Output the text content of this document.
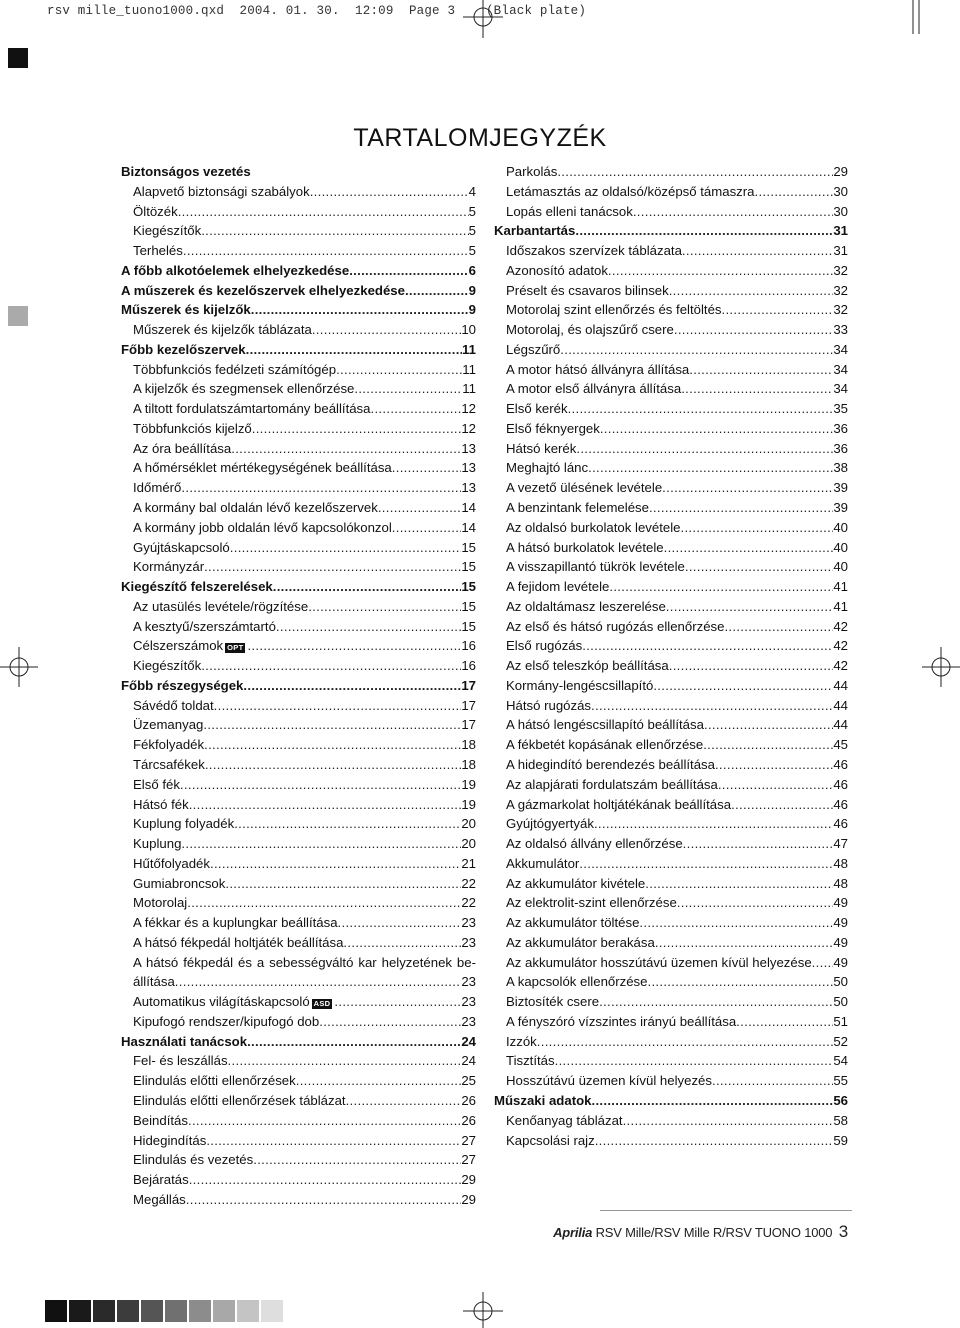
rsv mille_tuono1000.qxd  2004. 01. 30.  12:09  Page 3    (Black plate)
TARTALOMJEGYZÉK
Biztonságos vezetés
Alapvető biztonsági szabályok .....	4
Öltözék .....	5
Kiegészítők .....	5
Terhelés .....	5
A főbb alkotóelemek elhelyezkedése .....	6
A műszerek és kezelőszervek elhelyezkedése .....	9
Műszerek és kijelzők .....	9
Műszerek és kijelzők táblázata .....	10
Főbb kezelőszervek .....	11
Többfunkciós fedélzeti számítógép .....	11
A kijelzők és szegmensek ellenőrzése .....	11
A tiltott fordulatszámtartomány beállítása .....	12
Többfunkciós kijelző .....	12
Az óra beállítása .....	13
A hőmérséklet mértékegységének beállítása .....	13
Időmérő .....	13
A kormány bal oldalán lévő kezelőszervek .....	14
A kormány jobb oldalán lévő kapcsolókonzol .....	14
Gyújtáskapcsoló .....	15
Kormányzár .....	15
Kiegészítő felszerelések .....	15
Az utasülés levétele/rögzítése .....	15
A kesztyű/szerszámtartó .....	15
Célszerszámok OPT .....	16
Kiegészítők .....	16
Főbb részegységek .....	17
Sávédő toldat .....	17
Üzemanyag .....	17
Fékfolyadék .....	18
Tárcsafékek .....	18
Első fék .....	19
Hátsó fék .....	19
Kuplung folyadék .....	20
Kuplung .....	20
Hűtőfolyadék .....	21
Gumiabroncsok .....	22
Motorolaj .....	22
A fékkar és a kuplungkar beállítása .....	23
A hátsó fékpedál holtjáték beállítása .....	23
A hátsó fékpedál és a sebességváltó kar helyzetének be-
állítása .....	23
Automatikus világításkapcsoló ASD .....	23
Kipufogó rendszer/kipufogó dob .....	23
Használati tanácsok .....	24
Fel- és leszállás .....	24
Elindulás előtti ellenőrzések .....	25
Elindulás előtti ellenőrzések táblázat .....	26
Beindítás .....	26
Hidegindítás .....	27
Elindulás és vezetés .....	27
Bejáratás .....	29
Megállás .....	29
Parkolás .....	29
Letámasztás az oldalsó/középső támaszra .....	30
Lopás elleni tanácsok .....	30
Karbantartás .....	31
Időszakos szervízek táblázata .....	31
Azonosító adatok .....	32
Préselt és csavaros bilinsek .....	32
Motorolaj szint ellenőrzés és feltöltés .....	32
Motorolaj, és olajszűrő csere .....	33
Légszűrő .....	34
A motor hátsó állványra állítása .....	34
A motor első állványra állítása .....	34
Első kerék .....	35
Első féknyergek .....	36
Hátsó kerék .....	36
Meghajtó lánc .....	38
A vezető ülésének levétele .....	39
A benzintank felemelése .....	39
Az oldalsó burkolatok levétele .....	40
A hátsó burkolatok levétele .....	40
A visszapillantó tükrök levétele .....	40
A fejidom levétele .....	41
Az oldaltámasz leszerelése .....	41
Az első és hátsó rugózás ellenőrzése .....	42
Első rugózás .....	42
Az első teleszkóp beállítása .....	42
Kormány-lengéscsillapító .....	44
Hátsó rugózás .....	44
A hátsó lengéscsillapító beállítása .....	44
A fékbetét kopásának ellenőrzése .....	45
A hidegindító berendezés beállítása .....	46
Az alapjárati fordulatszám beállítása .....	46
A gázmarkolat holtjátékának beállítása .....	46
Gyújtógyertyák .....	46
Az oldalsó állvány ellenőrzése .....	47
Akkumulátor .....	48
Az akkumulátor kivétele .....	48
Az elektrolit-szint ellenőrzése .....	49
Az akkumulátor töltése .....	49
Az akkumulátor berakása .....	49
Az akkumulátor hosszútávú üzemen kívül helyezése ..... 49
A kapcsolók ellenőrzése .....	50
Biztosíték csere .....	50
A fényszóró vízszintes irányú beállítása .....	51
Izzók .....	52
Tisztítás .....	54
Hosszútávú üzemen kívül helyezés .....	55
Műszaki adatok .....	56
Kenőanyag táblázat .....	58
Kapcsolási rajz .....	59
Aprilia RSV Mille/RSV Mille R/RSV TUONO 1000 3
